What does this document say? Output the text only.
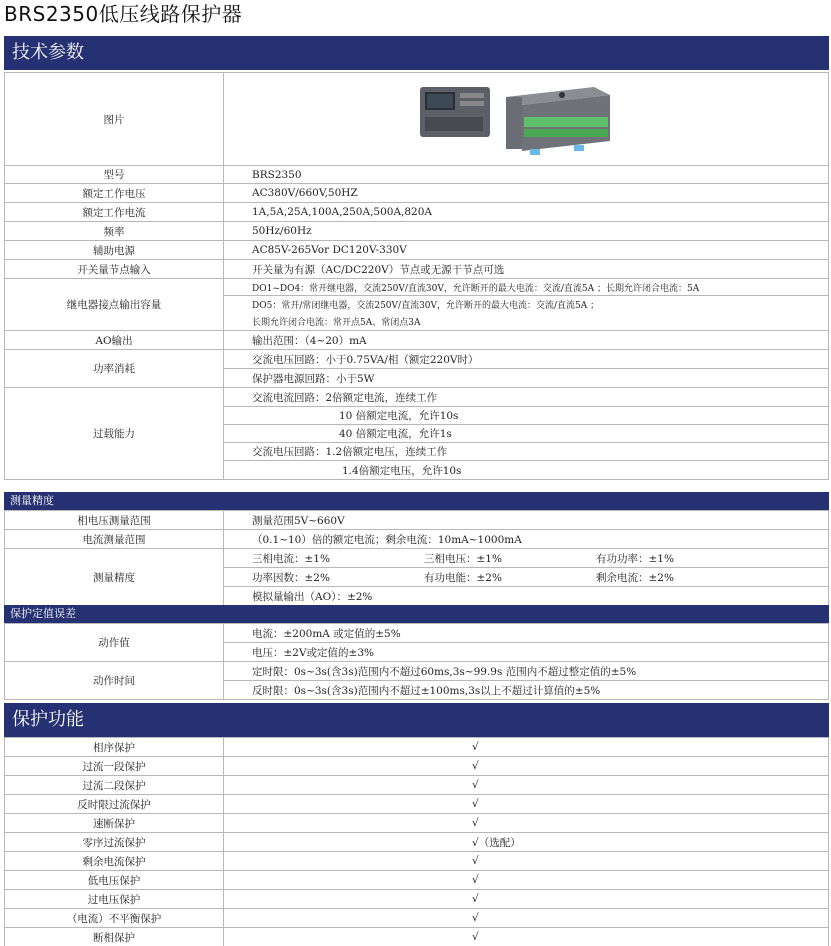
BRS2350低压线路保护器
技术参数
图片	

型号	BRS2350
额定工作电压	AC380V/660V,50HZ
额定工作电流	1A,5A,25A,100A,250A,500A,820A
频率	50Hz/60Hz
辅助电源	AC85V-265Vor DC120V-330V
开关量节点输入	开关量为有源（AC/DC220V）节点或无源干节点可选
继电器接点输出容量	DO1~DO4：常开继电器，交流250V/直流30V，允许断开的最大电流：交流/直流5A ；长期允许闭合电流：5A
	DO5：常开/常闭继电器，交流250V/直流30V，允许断开的最大电流：交流/直流5A ；
	长期允许闭合电流：常开点5A、常闭点3A
AO输出	输出范围：（4~20）mA
功率消耗	交流电压回路：小于0.75VA/相（额定220V时）
	保护器电源回路：小于5W
过载能力	交流电流回路：2倍额定电流，连续工作
	10 倍额定电流，允许10s
	40 倍额定电流，允许1s
	交流电压回路：1.2倍额定电压，连续工作
	1.4倍额定电压，允许10s
测量精度
相电压测量范围	测量范围5V~660V
电流测量范围	（0.1~10）倍的额定电流；剩余电流：10mA~1000mA
测量精度	三相电流：±1% 三相电压：±1% 有功功率：±1%

	功率因数：±2% 有功电能：±2% 剩余电流：±2%

	模拟量输出（AO）：±2%
保护定值误差
动作值	电流：±200mA 或定值的±5%
	电压：±2V或定值的±3%
动作时间	定时限：0s~3s(含3s)范围内不超过60ms,3s~99.9s 范围内不超过整定值的±5%
	反时限：0s~3s(含3s)范围内不超过±100ms,3s以上不超过计算值的±5%
保护功能
相序保护	√
过流一段保护	√
过流二段保护	√
反时限过流保护	√
速断保护	√
零序过流保护	√（选配）
剩余电流保护	√
低电压保护	√
过电压保护	√
（电流）不平衡保护	√
断相保护	√
